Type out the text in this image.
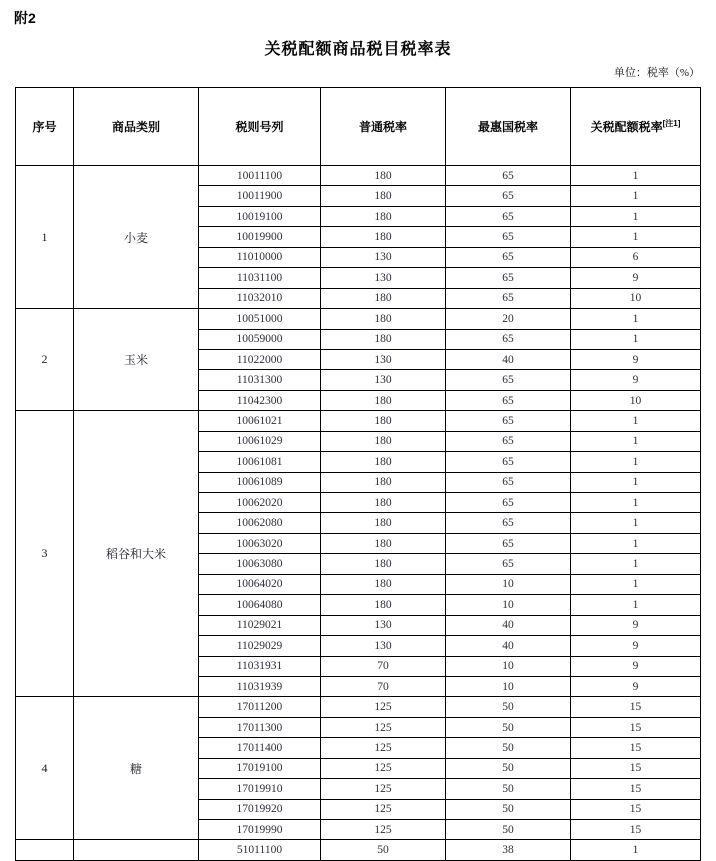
附2
关税配额商品税目税率表
单位：税率（%）
序号	商品类别	税则号列	普通税率	最惠国税率	关税配额税率[注1]
1	小麦	10011100	180	65	1
		10011900	180	65	1
		10019100	180	65	1
		10019900	180	65	1
		11010000	130	65	6
		11031100	130	65	9
		11032010	180	65	10
2	玉米	10051000	180	20	1
		10059000	180	65	1
		11022000	130	40	9
		11031300	130	65	9
		11042300	180	65	10
3	稻谷和大米	10061021	180	65	1
		10061029	180	65	1
		10061081	180	65	1
		10061089	180	65	1
		10062020	180	65	1
		10062080	180	65	1
		10063020	180	65	1
		10063080	180	65	1
		10064020	180	10	1
		10064080	180	10	1
		11029021	130	40	9
		11029029	130	40	9
		11031931	70	10	9
		11031939	70	10	9
4	糖	17011200	125	50	15
		17011300	125	50	15
		17011400	125	50	15
		17019100	125	50	15
		17019910	125	50	15
		17019920	125	50	15
		17019990	125	50	15
		51011100	50	38	1
